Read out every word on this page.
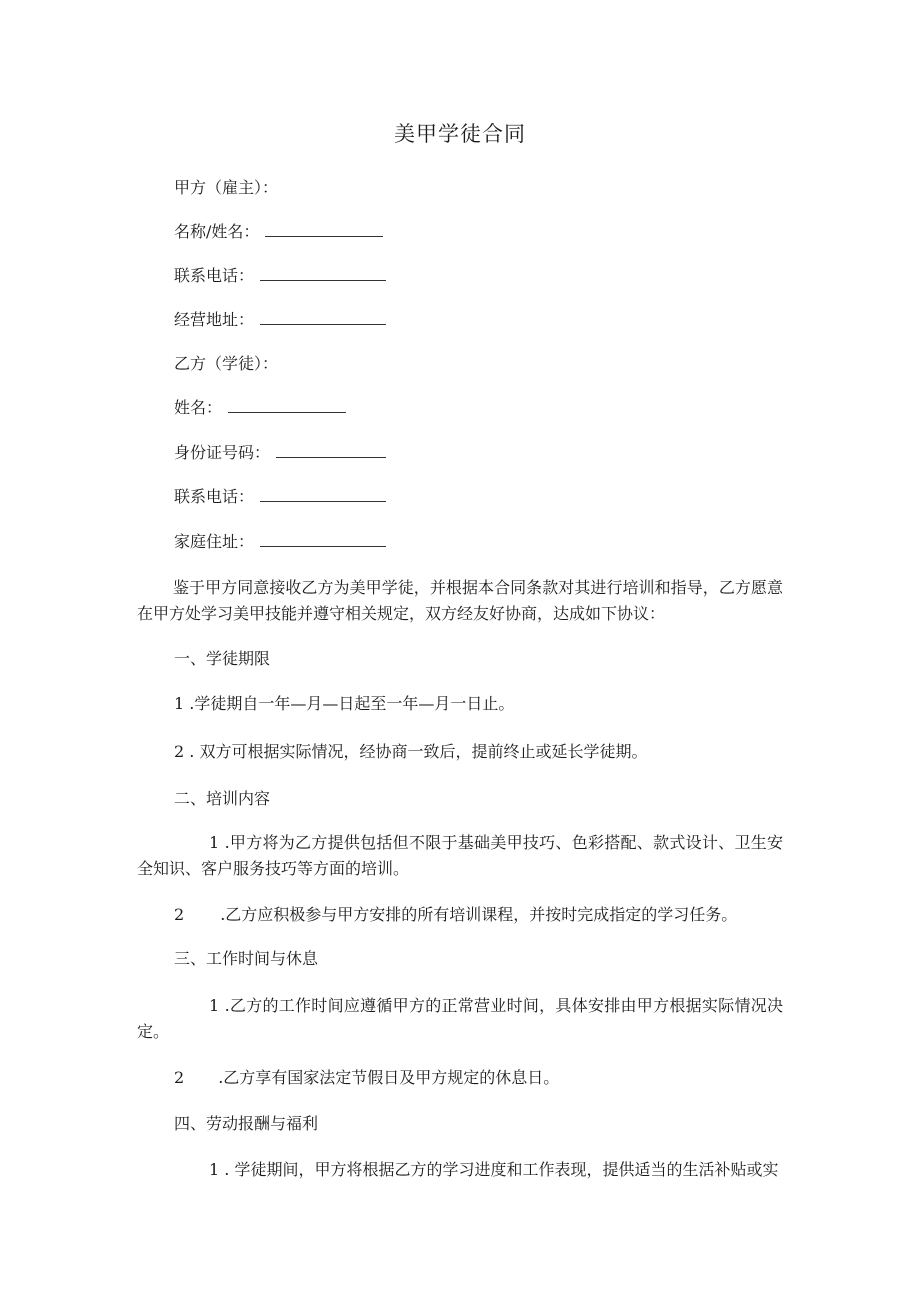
美甲学徒合同
甲方（雇主）：
名称/姓名：
联系电话：
经营地址：
乙方（学徒）：
姓名：
身份证号码：
联系电话：
家庭住址：
鉴于甲方同意接收乙方为美甲学徒，并根据本合同条款对其进行培训和指导，乙方愿意在甲方处学习美甲技能并遵守相关规定，双方经友好协商，达成如下协议：
一、学徒期限
1 .学徒期自一年—月—日起至一年—月一日止。
2 . 双方可根据实际情况，经协商一致后，提前终止或延长学徒期。
二、培训内容
1 .甲方将为乙方提供包括但不限于基础美甲技巧、色彩搭配、款式设计、卫生安全知识、客户服务技巧等方面的培训。
2 .乙方应积极参与甲方安排的所有培训课程，并按时完成指定的学习任务。
三、工作时间与休息
1 .乙方的工作时间应遵循甲方的正常营业时间，具体安排由甲方根据实际情况决定。
2 .乙方享有国家法定节假日及甲方规定的休息日。
四、劳动报酬与福利
1 . 学徒期间，甲方将根据乙方的学习进度和工作表现，提供适当的生活补贴或实
